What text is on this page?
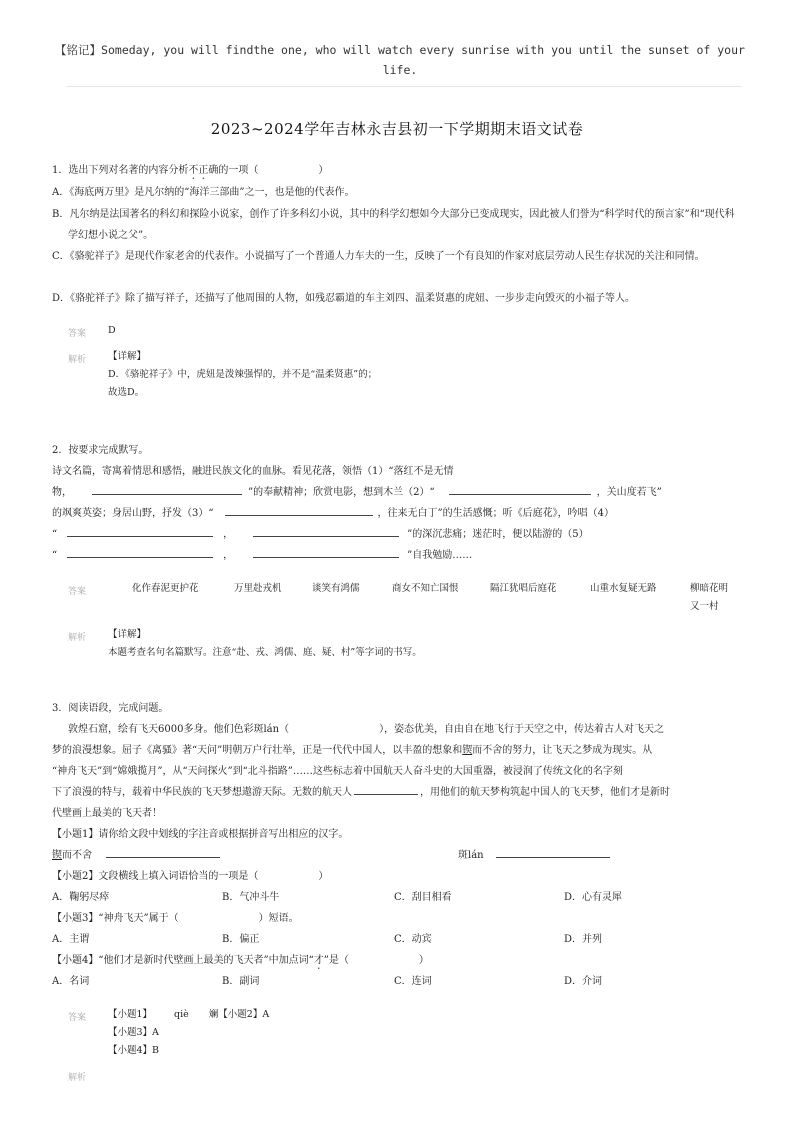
【铭记】Someday, you will findthe one, who will watch every sunrise with you until the sunset of your life.
2023~2024学年吉林永吉县初一下学期期末语文试卷
1．选出下列对名著的内容分析不正确的一项（　　　　　　）
A．《海底两万里》是凡尔纳的“海洋三部曲”之一，也是他的代表作。
B．凡尔纳是法国著名的科幻和探险小说家，创作了许多科幻小说，其中的科学幻想如今大部分已变成现实，因此被人们誉为“科学时代的预言家”和“现代科学幻想小说之父”。
C．《骆驼祥子》是现代作家老舍的代表作。小说描写了一个普通人力车夫的一生，反映了一个有良知的作家对底层劳动人民生存状况的关注和同情。
D．《骆驼祥子》除了描写祥子，还描写了他周围的人物，如残忍霸道的车主刘四、温柔贤惠的虎妞、一步步走向毁灭的小福子等人。
答案 D
解析 【详解】
D．《骆驼祥子》中，虎妞是泼辣强悍的，并不是“温柔贤惠”的；
故选D。
2．按要求完成默写。
诗文名篇，寄寓着情思和感悟，融进民族文化的血脉。看见花落，领悟（1）“落红不是无情
物，	”的奉献精神；欣赏电影，想到木兰（2）“	，关山度若飞”
的飒爽英姿；身居山野，抒发（3）“	，往来无白丁”的生活感慨；听《后庭花》，吟唱（4）
“	，	”的深沉悲痛；迷茫时，便以陆游的（5）
“	，	”自我勉励……
答案	化作春泥更护花	万里赴戎机	谈笑有鸿儒	商女不知亡国恨	隔江犹唱后庭花	山重水复疑无路	柳暗花明又一村
解析 【详解】
本题考查名句名篇默写。注意“赴、戎、鸿儒、庭、疑、村”等字词的书写。
3．阅读语段，完成问题。
敦煌石窟，绘有飞天6000多身。他们色彩斑lán（	），姿态优美，自由自在地飞行于天空之中，传达着古人对飞天之
梦的浪漫想象。屈子《离骚》著“天问”明朝万户行壮举，正是一代代中国人，以丰盈的想象和锲而不舍的努力，让飞天之梦成为现实。从
“神舟飞天”到“嫦娥揽月”，从“天问探火”到“北斗指路”……这些标志着中国航天人奋斗史的大国重器，被浸润了传统文化的名字刻
下了浪漫的特与，载着中华民族的飞天梦想遨游天际。无数的航天人	，用他们的航天梦构筑起中国人的飞天梦，他们才是新时
代壁画上最美的飞天者！
【小题1】请你给文段中划线的字注音或根据拼音写出相应的汉字。
锲而不舍	斑lán
【小题2】文段横线上填入词语恰当的一项是（　　　　　　）
A．鞠躬尽瘁	B．气冲斗牛	C．刮目相看	D．心有灵犀
【小题3】“神舟飞天”属于（　　　　　　　　）短语。
A．主谓	B．偏正	C．动宾	D．并列
【小题4】“他们才是新时代壁画上最美的飞天者”中加点词“才”是（　　　　　　　）
A．名词	B．副词	C．连词	D．介词
答案 【小题1】 qiè 斓【小题2】A
【小题3】A
【小题4】B
解析
